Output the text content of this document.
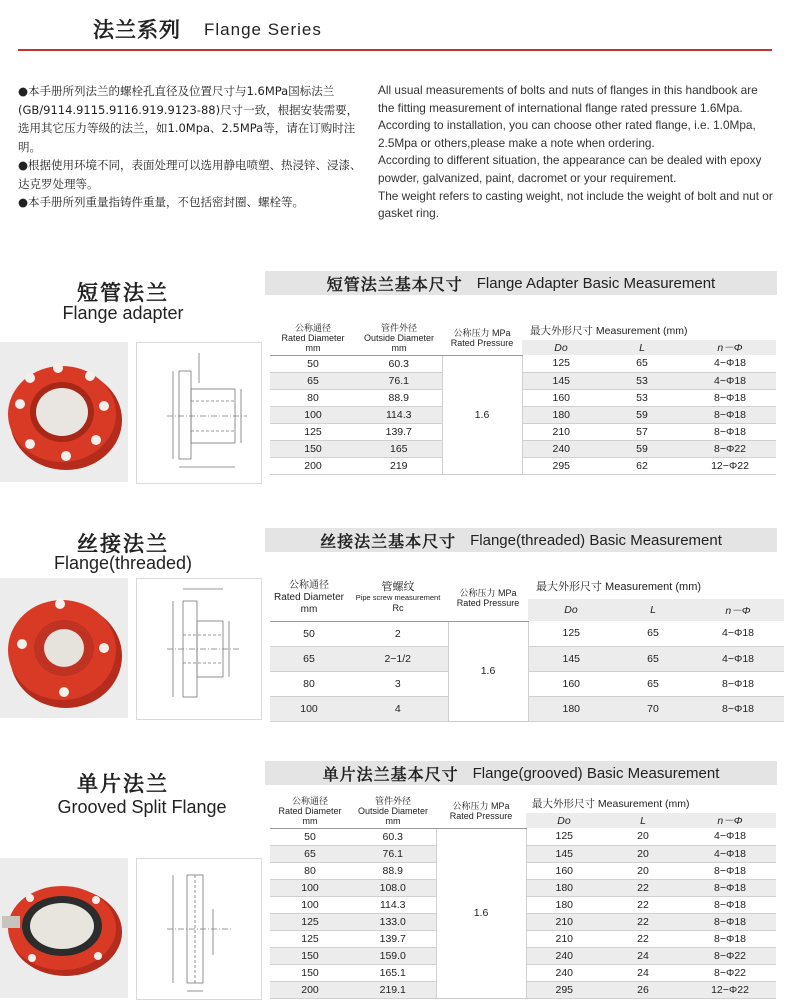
法兰系列 Flange Series

●本手册所列法兰的螺栓孔直径及位置尺寸与1.6MPa国标法兰(GB/9114.9115.9116.919.9123-88)尺寸一致，根据安装需要，选用其它压力等级的法兰，如1.0Mpa、2.5MPa等，请在订购时注明。

●根据使用环境不同，表面处理可以选用静电喷塑、热浸锌、浸漆、达克罗处理等。

●本手册所列重量指铸件重量，不包括密封圈、螺栓等。

All usual measurements of bolts and nuts of flanges in this handbook are the fitting measurement of international flange rated pressure 1.6Mpa. According to installation, you can choose other rated flange, i.e. 1.0Mpa, 2.5Mpa or others,please make a note when ordering.

According to different situation, the appearance can be dealed with epoxy powder, galvanized, paint, dacromet or your requirement.

The weight refers to casting weight, not include the weight of bolt and nut or gasket ring.

短管法兰
Flange adapter
短管法兰基本尺寸 Flange Adapter Basic Measurement
公称通径
Rated Diameter
mm	管件外径
Outside Diameter
mm	公称压力 MPa
Rated Pressure	最大外形尺寸 Measurement (mm)		
			Do	L	n－Φ
50	60.3	1.6	125	65	4−Φ18
65	76.1		145	53	4−Φ18
80	88.9		160	53	8−Φ18
100	114.3		180	59	8−Φ18
125	139.7		210	57	8−Φ18
150	165		240	59	8−Φ22
200	219		295	62	12−Φ22
丝接法兰
Flange(threaded)
丝接法兰基本尺寸 Flange(threaded) Basic Measurement
公称通径
Rated Diameter
mm	管螺纹
Pipe screw measurement
Rc	公称压力 MPa
Rated Pressure	最大外形尺寸 Measurement (mm)		
			Do	L	n－Φ
50	2	1.6	125	65	4−Φ18
65	2−1/2		145	65	4−Φ18
80	3		160	65	8−Φ18
100	4		180	70	8−Φ18
单片法兰
Grooved Split Flange
单片法兰基本尺寸 Flange(grooved) Basic Measurement
公称通径
Rated Diameter
mm	管件外径
Outside Diameter
mm	公称压力 MPa
Rated Pressure	最大外形尺寸 Measurement (mm)		
			Do	L	n－Φ
50	60.3	1.6	125	20	4−Φ18
65	76.1		145	20	4−Φ18
80	88.9		160	20	8−Φ18
100	108.0		180	22	8−Φ18
100	114.3		180	22	8−Φ18
125	133.0		210	22	8−Φ18
125	139.7		210	22	8−Φ18
150	159.0		240	24	8−Φ22
150	165.1		240	24	8−Φ22
200	219.1		295	26	12−Φ22
